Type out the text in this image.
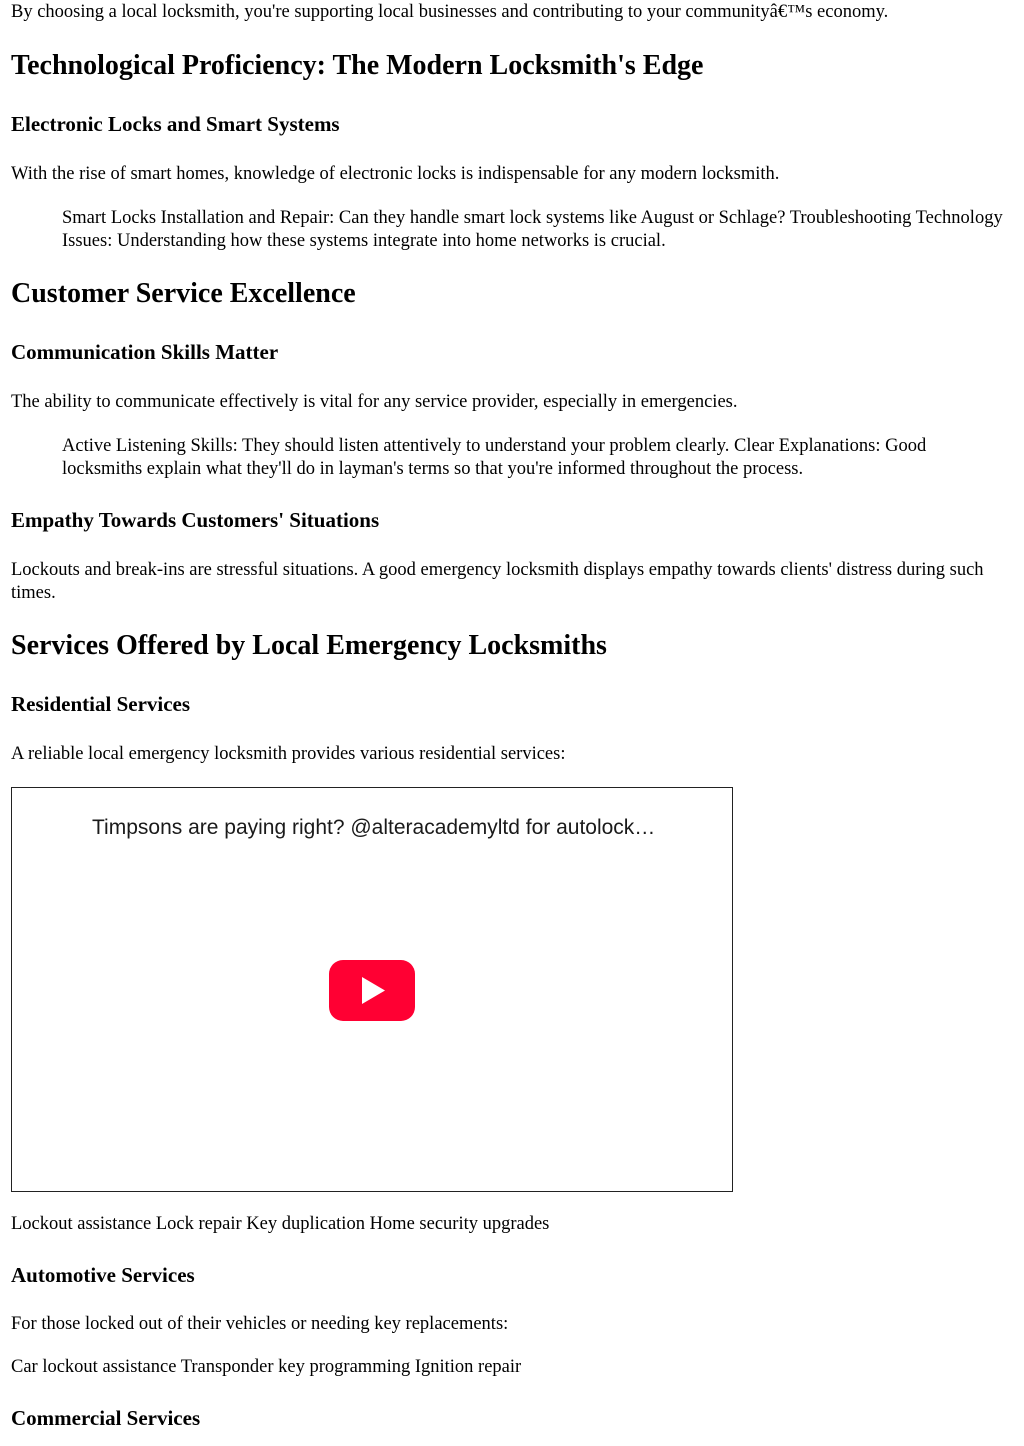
By choosing a local locksmith, you're supporting local businesses and contributing to your communityâ€™s economy.

Technological Proficiency: The Modern Locksmith's Edge
Electronic Locks and Smart Systems

With the rise of smart homes, knowledge of electronic locks is indispensable for any modern locksmith.

Smart Locks Installation and Repair: Can they handle smart lock systems like August or Schlage? Troubleshooting Technology Issues: Understanding how these systems integrate into home networks is crucial.
Customer Service Excellence
Communication Skills Matter

The ability to communicate effectively is vital for any service provider, especially in emergencies.

Active Listening Skills: They should listen attentively to understand your problem clearly. Clear Explanations: Good locksmiths explain what they'll do in layman's terms so that you're informed throughout the process.
Empathy Towards Customers' Situations

Lockouts and break-ins are stressful situations. A good emergency locksmith displays empathy towards clients' distress during such times.

Services Offered by Local Emergency Locksmiths
Residential Services

A reliable local emergency locksmith provides various residential services:

Timpsons are paying right? @alteracademyltd for autolock…

Lockout assistance Lock repair Key duplication Home security upgrades

Automotive Services

For those locked out of their vehicles or needing key replacements:

Car lockout assistance Transponder key programming Ignition repair

Commercial Services
